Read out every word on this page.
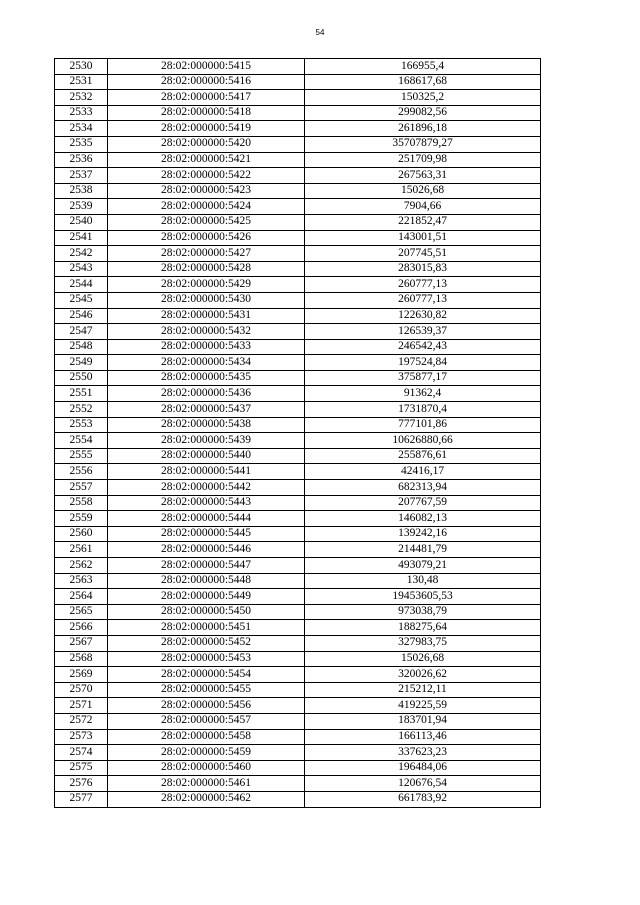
54
2530	28:02:000000:5415	166955,4
2531	28:02:000000:5416	168617,68
2532	28:02:000000:5417	150325,2
2533	28:02:000000:5418	299082,56
2534	28:02:000000:5419	261896,18
2535	28:02:000000:5420	35707879,27
2536	28:02:000000:5421	251709,98
2537	28:02:000000:5422	267563,31
2538	28:02:000000:5423	15026,68
2539	28:02:000000:5424	7904,66
2540	28:02:000000:5425	221852,47
2541	28:02:000000:5426	143001,51
2542	28:02:000000:5427	207745,51
2543	28:02:000000:5428	283015,83
2544	28:02:000000:5429	260777,13
2545	28:02:000000:5430	260777,13
2546	28:02:000000:5431	122630,82
2547	28:02:000000:5432	126539,37
2548	28:02:000000:5433	246542,43
2549	28:02:000000:5434	197524,84
2550	28:02:000000:5435	375877,17
2551	28:02:000000:5436	91362,4
2552	28:02:000000:5437	1731870,4
2553	28:02:000000:5438	777101,86
2554	28:02:000000:5439	10626880,66
2555	28:02:000000:5440	255876,61
2556	28:02:000000:5441	42416,17
2557	28:02:000000:5442	682313,94
2558	28:02:000000:5443	207767,59
2559	28:02:000000:5444	146082,13
2560	28:02:000000:5445	139242,16
2561	28:02:000000:5446	214481,79
2562	28:02:000000:5447	493079,21
2563	28:02:000000:5448	130,48
2564	28:02:000000:5449	19453605,53
2565	28:02:000000:5450	973038,79
2566	28:02:000000:5451	188275,64
2567	28:02:000000:5452	327983,75
2568	28:02:000000:5453	15026,68
2569	28:02:000000:5454	320026,62
2570	28:02:000000:5455	215212,11
2571	28:02:000000:5456	419225,59
2572	28:02:000000:5457	183701,94
2573	28:02:000000:5458	166113,46
2574	28:02:000000:5459	337623,23
2575	28:02:000000:5460	196484,06
2576	28:02:000000:5461	120676,54
2577	28:02:000000:5462	661783,92
